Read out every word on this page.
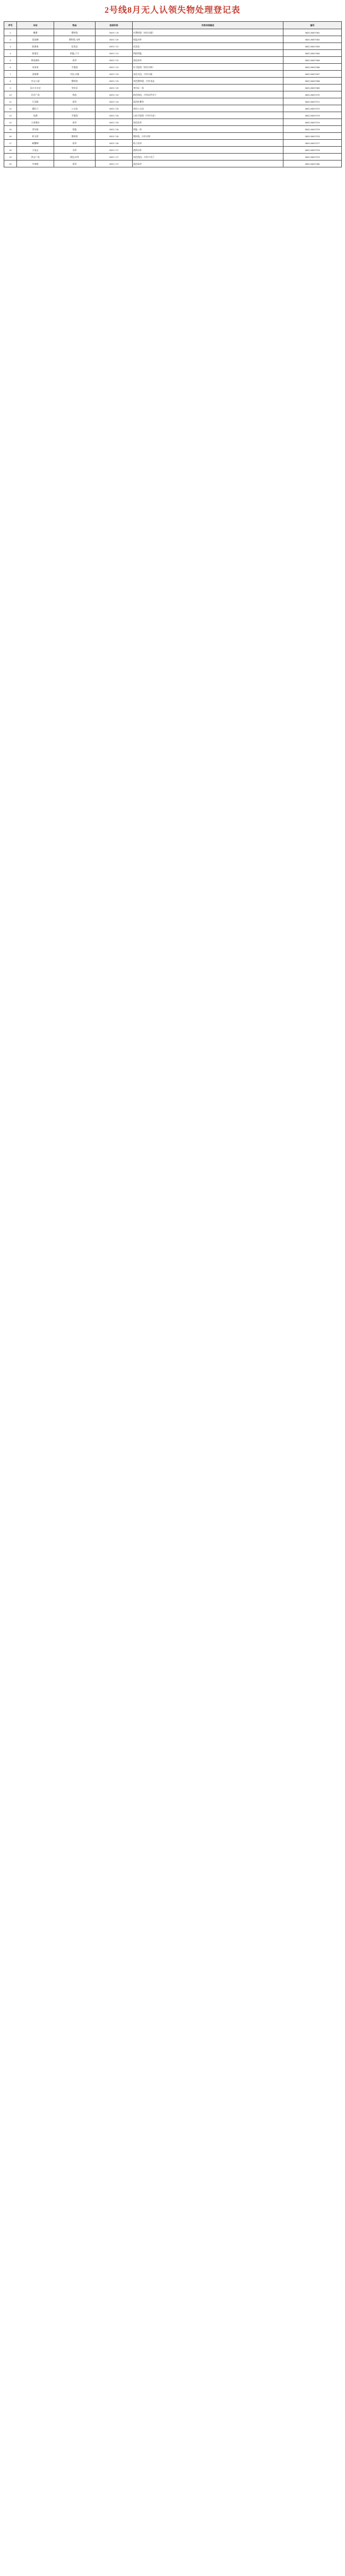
2号线8月无人认领失物处理登记表
序号	车站	物品	拾获时间	失物详细描述	编号
1	鹰潭	塑料袋	2023.7.19	红塑料袋（米色衣服）	3823-26007361
2	花园城	塑料袋-水杯	2023.7.20	保温水杯	3823-26007362
3	阳逻南	化妆品	2023.7.21	化妆品	3823-26007363
4	阳逻北	钥匙-门卡	2023.7.21	两把钥匙	3823-26007364
5	黄家湖东	雨伞	2023.7.22	黑色雨伞	3823-26007365
6	宋家岗	手提袋	2023.7.22	红手提袋（装有衣物）	3823-26007366
7	金银潭	书包-衣服	2023.7.23	灰色书包，内有衣服	3823-26007367
8	中山公园	塑料袋	2023.7.23	黑色塑料袋，内有食品	3823-26007368
9	汉口火车站	身份证	2023.7.23	身份证一张	3823-26007369
10	光谷广场	钱包	2023.7.24	棕色钱包，内有证件若干	3823-26007370
11	江汉路	雨伞	2023.7.24	蓝色折叠伞	3823-26007371
12	循礼门	公文包	2023.7.25	黑色公文包	3823-26007372
13	范湖	手提袋	2023.7.25	白色手提袋（内有书本）	3823-26007373
14	王家墩东	雨伞	2023.7.25	黑色雨伞	3823-26007374
15	青年路	钥匙	2023.7.26	钥匙一串	3823-26007375
16	积玉桥	塑料袋	2023.7.26	塑料袋，内有衣物	3823-26007376
17	螃蟹岬	雨伞	2023.7.26	格子雨伞	3823-26007377
18	小龟山	水杯	2023.7.27	透明水杯	3823-26007378
19	洪山广场	钱包-证件	2023.7.27	黑色钱包，内有卡若干	3823-26007379
20	中南路	雨伞	2023.7.27	蓝色雨伞	3823-26007380
